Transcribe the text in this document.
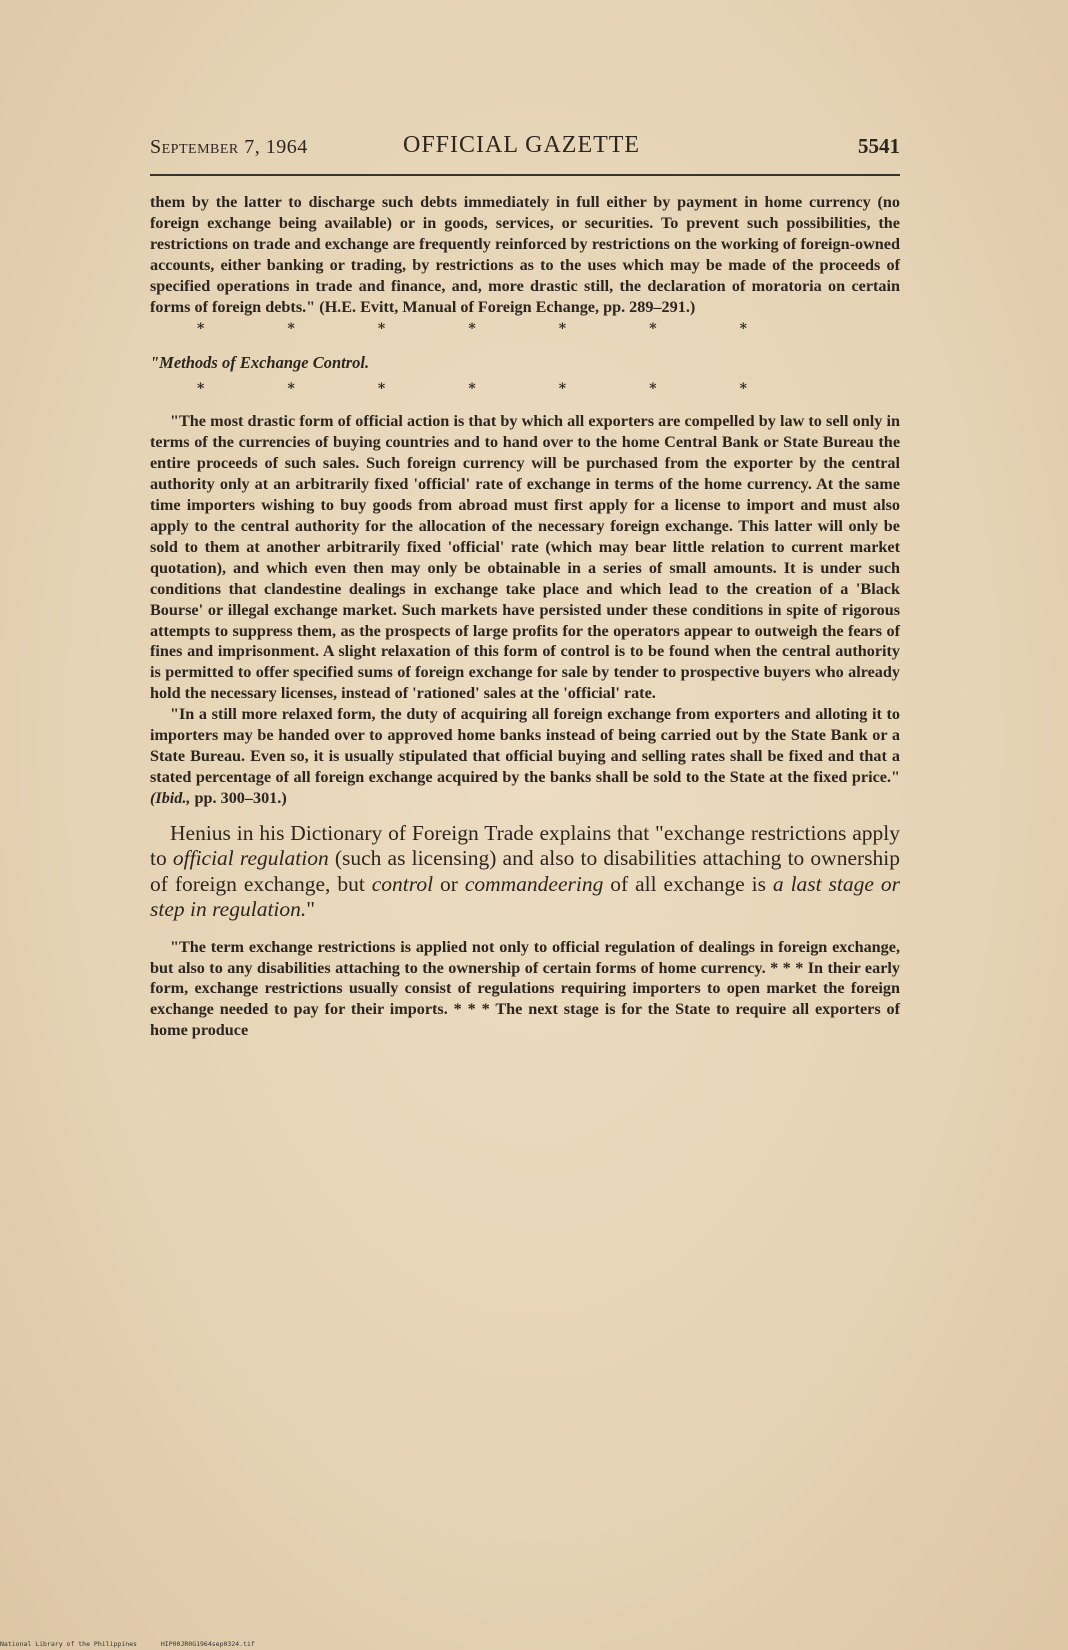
September 7, 1964	OFFICIAL GAZETTE	5541

them by the latter to discharge such debts immediately in full either by payment in home currency (no foreign exchange being available) or in goods, services, or securities. To prevent such possibilities, the restrictions on trade and exchange are frequently reinforced by restrictions on the working of foreign-owned accounts, either banking or trading, by restrictions as to the uses which may be made of the proceeds of specified operations in trade and finance, and, more drastic still, the declaration of moratoria on certain forms of foreign debts." (H.E. Evitt, Manual of Foreign Echange, pp. 289–291.)

*	*	*	*	*	*	*
"Methods of Exchange Control.
*	*	*	*	*	*	*

"The most drastic form of official action is that by which all exporters are compelled by law to sell only in terms of the currencies of buying countries and to hand over to the home Central Bank or State Bureau the entire proceeds of such sales. Such foreign currency will be purchased from the exporter by the central authority only at an arbitrarily fixed 'official' rate of exchange in terms of the home currency. At the same time importers wishing to buy goods from abroad must first apply for a license to import and must also apply to the central authority for the allocation of the necessary foreign exchange. This latter will only be sold to them at another arbitrarily fixed 'official' rate (which may bear little relation to current market quotation), and which even then may only be obtainable in a series of small amounts. It is under such conditions that clandestine dealings in exchange take place and which lead to the creation of a 'Black Bourse' or illegal exchange market. Such markets have persisted under these conditions in spite of rigorous attempts to suppress them, as the prospects of large profits for the operators appear to outweigh the fears of fines and imprisonment. A slight relaxation of this form of control is to be found when the central authority is permitted to offer specified sums of foreign exchange for sale by tender to prospective buyers who already hold the necessary licenses, instead of 'rationed' sales at the 'official' rate.

"In a still more relaxed form, the duty of acquiring all foreign exchange from exporters and alloting it to importers may be handed over to approved home banks instead of being carried out by the State Bank or a State Bureau. Even so, it is usually stipulated that official buying and selling rates shall be fixed and that a stated percentage of all foreign exchange acquired by the banks shall be sold to the State at the fixed price." (Ibid., pp. 300–301.)

Henius in his Dictionary of Foreign Trade explains that "exchange restrictions apply to official regulation (such as licensing) and also to disabilities attaching to ownership of foreign exchange, but control or commandeering of all exchange is a last stage or step in regulation."

"The term exchange restrictions is applied not only to official regulation of dealings in foreign exchange, but also to any disabilities attaching to the ownership of certain forms of home currency. * * * In their early form, exchange restrictions usually consist of regulations requiring importers to open market the foreign exchange needed to pay for their imports. * * * The next stage is for the State to require all exporters of home produce

National Library of the Philippines	HIP00JR0G1964sep0324.tif
